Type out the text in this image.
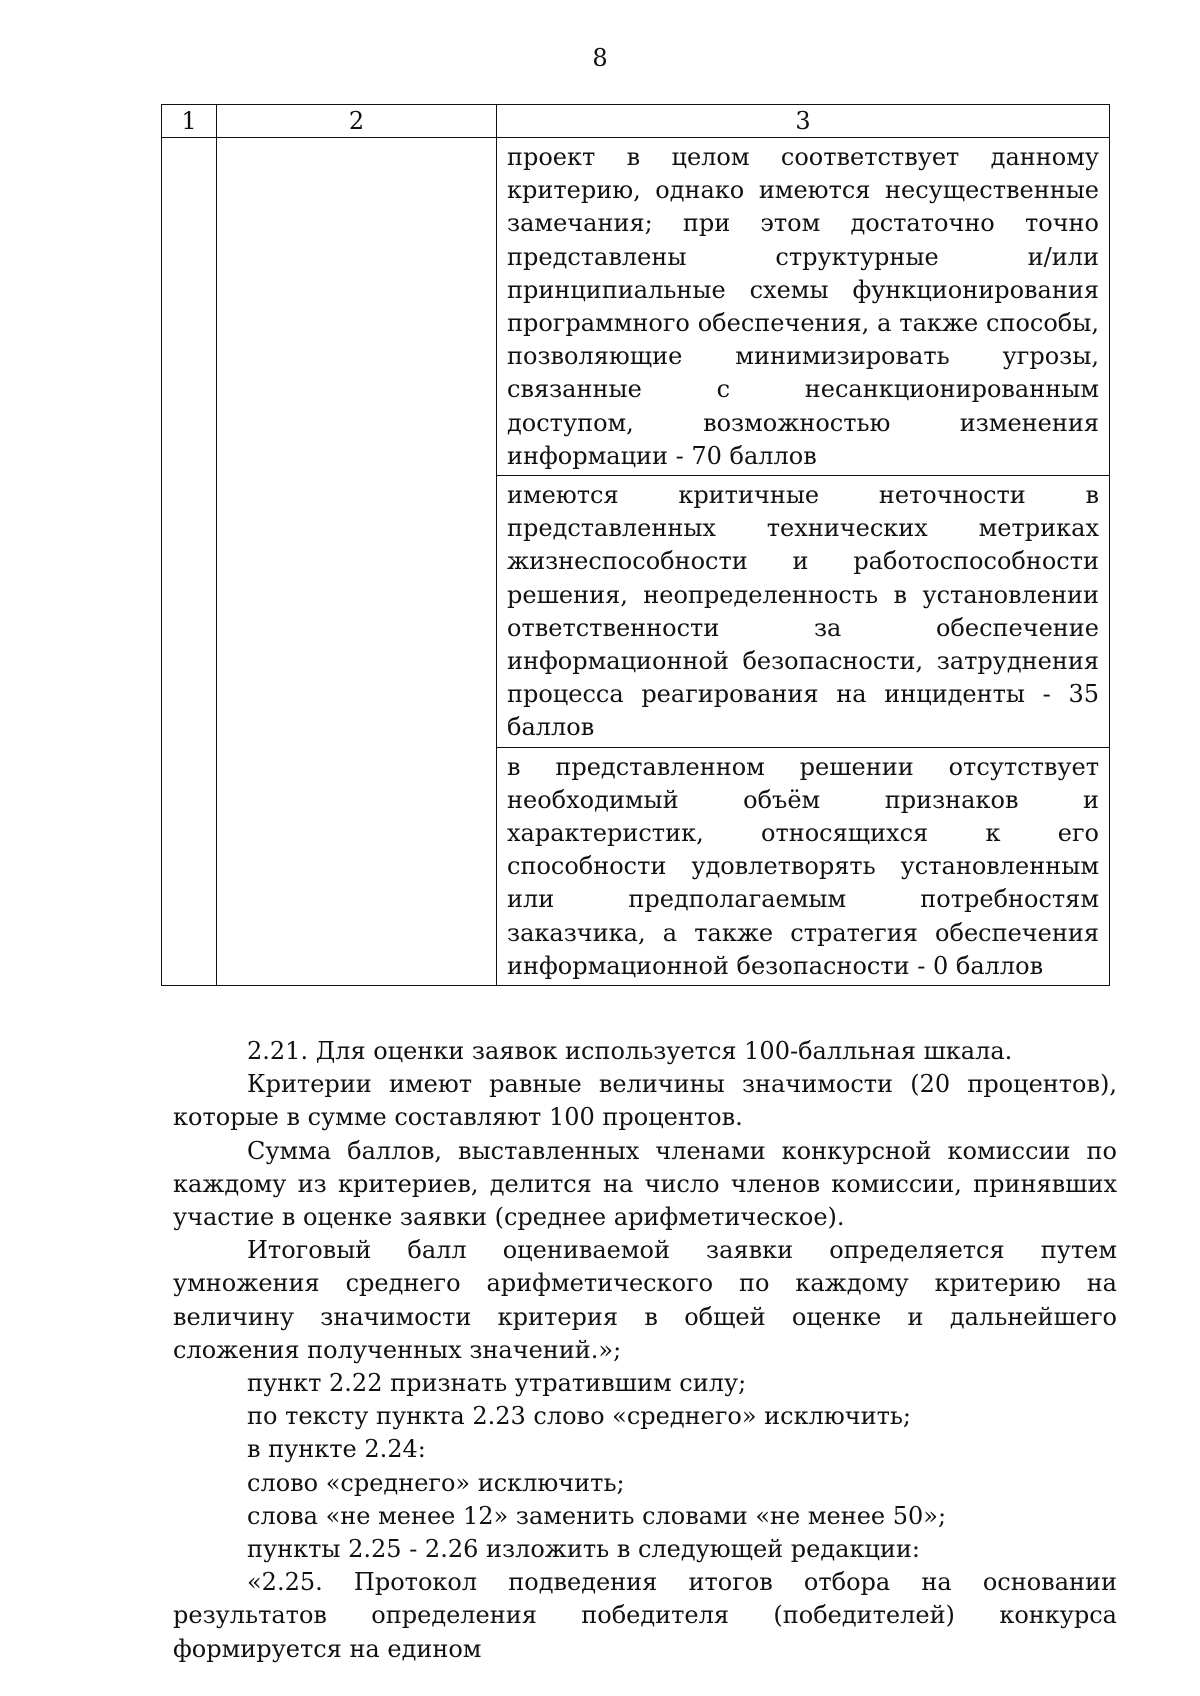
8
1	2	3

		проект в целом соответствует данному критерию, однако имеются несущественные замечания; при этом достаточно точно представлены структурные и/или принципиальные схемы функционирования программного обеспечения, а также способы, позволяющие минимизировать угрозы, связанные с несанкционированным доступом, возможностью изменения информации - 70 баллов

		имеются критичные неточности в представленных технических метриках жизнеспособности и работоспособности решения, неопределенность в установлении ответственности за обеспечение информационной безопасности, затруднения процесса реагирования на инциденты - 35 баллов

		в представленном решении отсутствует необходимый объём признаков и характеристик, относящихся к его способности удовлетворять установленным или предполагаемым потребностям заказчика, а также стратегия обеспечения информационной безопасности - 0 баллов

2.21. Для оценки заявок используется 100-балльная шкала.

Критерии имеют равные величины значимости (20 процентов), которые в сумме составляют 100 процентов.

Сумма баллов, выставленных членами конкурсной комиссии по каждому из критериев, делится на число членов комиссии, принявших участие в оценке заявки (среднее арифметическое).

Итоговый балл оцениваемой заявки определяется путем умножения среднего арифметического по каждому критерию на величину значимости критерия в общей оценке и дальнейшего сложения полученных значений.»;

пункт 2.22 признать утратившим силу;

по тексту пункта 2.23 слово «среднего» исключить;

в пункте 2.24:

слово «среднего» исключить;

слова «не менее 12» заменить словами «не менее 50»;

пункты 2.25 - 2.26 изложить в следующей редакции:

«2.25. Протокол подведения итогов отбора на основании результатов определения победителя (победителей) конкурса формируется на едином
